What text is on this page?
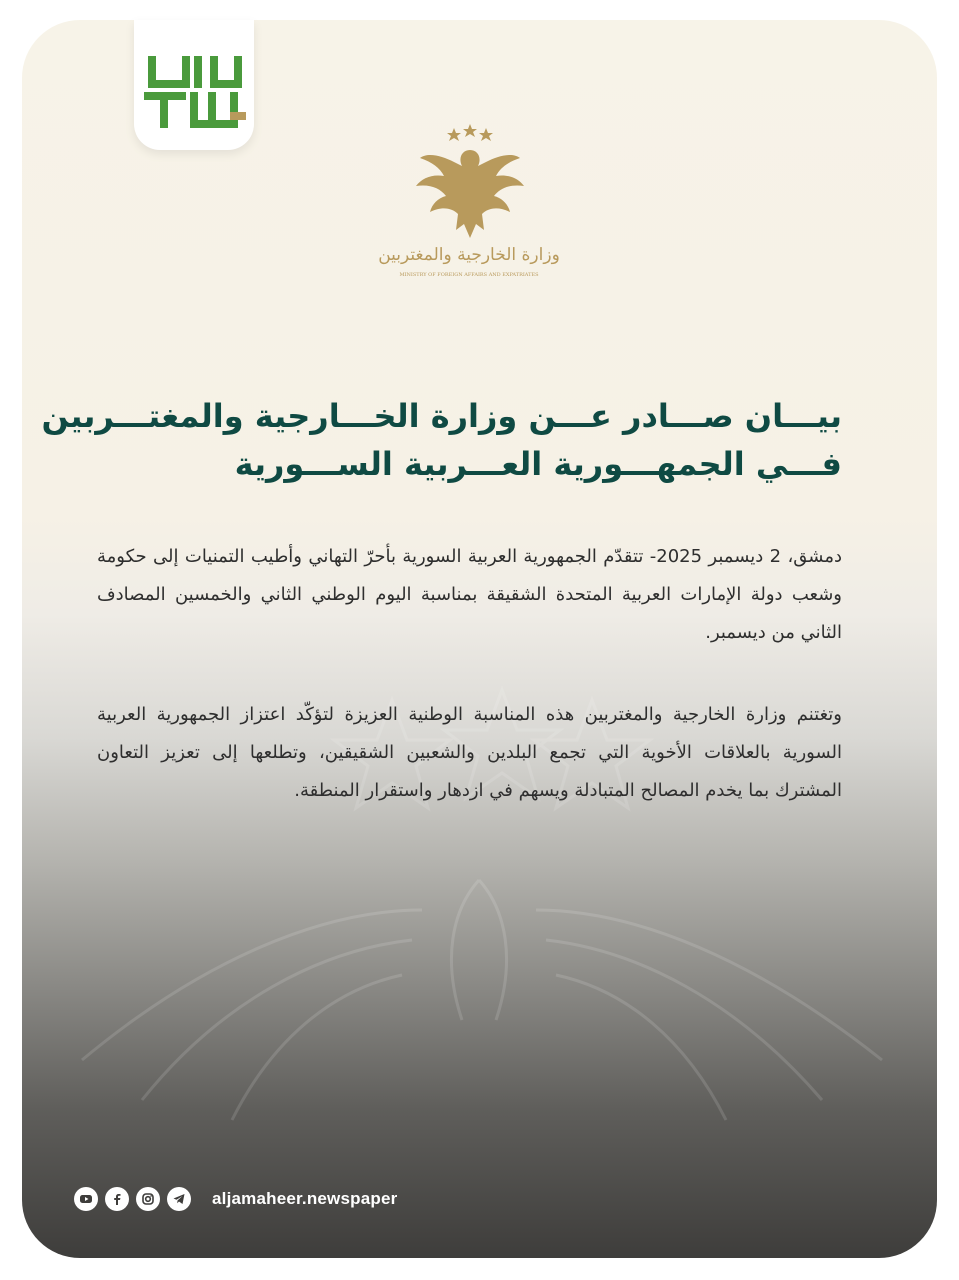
وزارة الخارجية والمغتربين
MINISTRY OF FOREIGN AFFAIRS AND EXPATRIATES
بيـــان صـــادر عـــن وزارة الخـــارجية والمغتـــربين
فـــي الجمهـــورية العـــربية الســـورية

دمشق، 2 ديسمبر 2025- تتقدّم الجمهورية العربية السورية بأحرّ التهاني وأطيب التمنيات إلى حكومة وشعب دولة الإمارات العربية المتحدة الشقيقة بمناسبة اليوم الوطني الثاني والخمسين المصادف الثاني من ديسمبر.

وتغتنم وزارة الخارجية والمغتربين هذه المناسبة الوطنية العزيزة لتؤكّد اعتزاز الجمهورية العربية السورية بالعلاقات الأخوية التي تجمع البلدين والشعبين الشقيقين، وتطلعها إلى تعزيز التعاون المشترك بما يخدم المصالح المتبادلة ويسهم في ازدهار واستقرار المنطقة.

aljamaheer.newspaper
